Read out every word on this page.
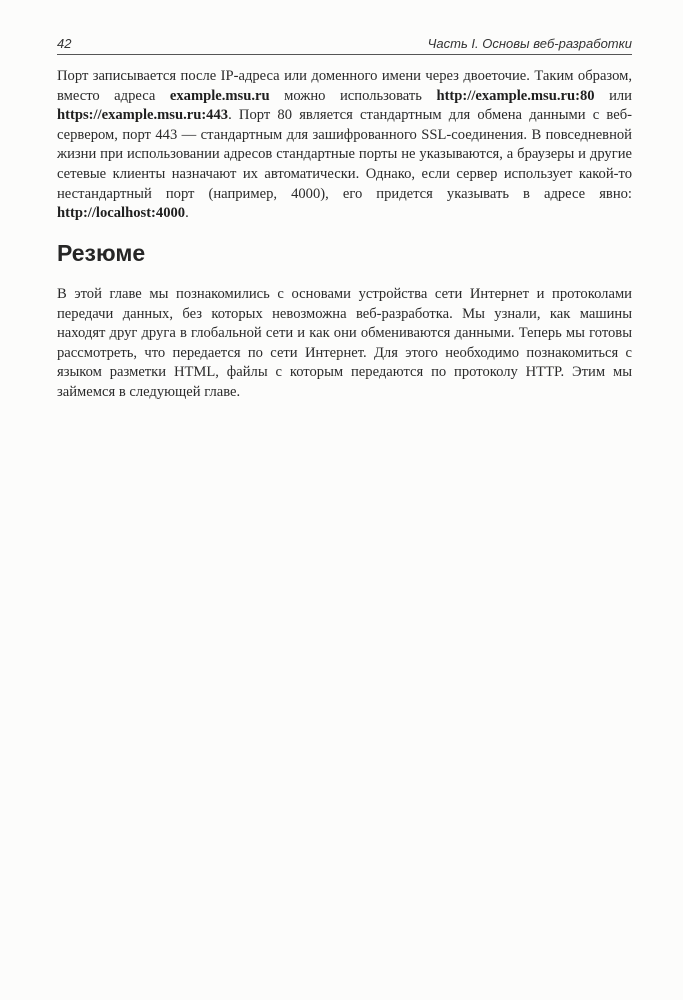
42	Часть I. Основы веб-разработки

Порт записывается после IP-адреса или доменного имени через двоеточие. Таким образом, вместо адреса example.msu.ru можно использовать http://example.msu.ru:80 или https://example.msu.ru:443. Порт 80 является стандартным для обмена данными с веб-сервером, порт 443 — стандартным для зашифрованного SSL-соединения. В повседневной жизни при использовании адресов стандартные порты не указываются, а браузеры и другие сетевые клиенты назначают их автоматически. Однако, если сервер использует какой-то нестандартный порт (например, 4000), его придется указывать в адресе явно: http://localhost:4000.

Резюме

В этой главе мы познакомились с основами устройства сети Интернет и протоколами передачи данных, без которых невозможна веб-разработка. Мы узнали, как машины находят друг друга в глобальной сети и как они обмениваются данными. Теперь мы готовы рассмотреть, что передается по сети Интернет. Для этого необходимо познакомиться с языком разметки HTML, файлы с которым передаются по протоколу HTTP. Этим мы займемся в следующей главе.
